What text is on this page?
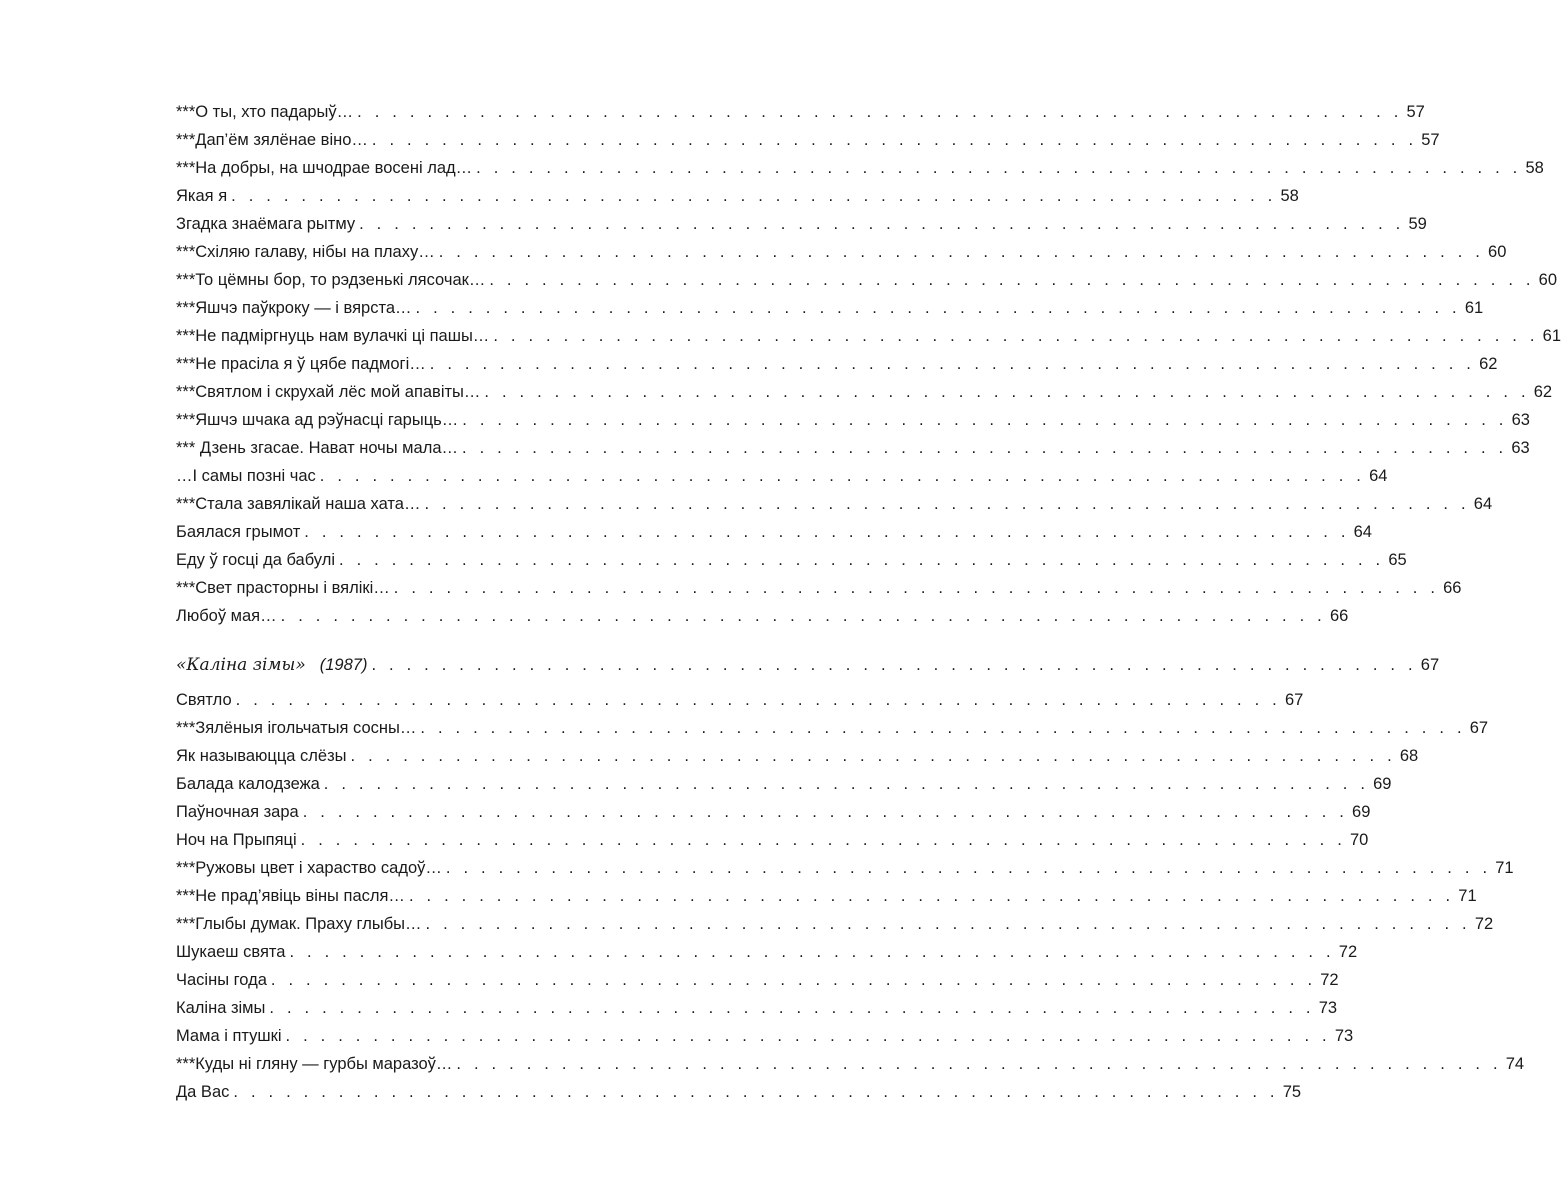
***О ты, хто падарыў… . . . . . . . . . . . . . . . . . . . . . . . . . . . . . . . . . . . . . . . . . . . . . . . . . . . . . . . . . . . . 57
***Дап’ём зялёнае віно… . . . . . . . . . . . . . . . . . . . . . . . . . . . . . . . . . . . . . . . . . . . . . . . . . . . . . . . . . . . . 57
***На добры, на шчодрае восені лад… . . . . . . . . . . . . . . . . . . . . . . . . . . . . . . . . . . . . . . . . . . . . . . . . . . . . . . . . . . . . 58
Якая я . . . . . . . . . . . . . . . . . . . . . . . . . . . . . . . . . . . . . . . . . . . . . . . . . . . . . . . . . . . . 58
Згадка знаёмага рытму . . . . . . . . . . . . . . . . . . . . . . . . . . . . . . . . . . . . . . . . . . . . . . . . . . . . . . . . . . . . 59
***Схіляю галаву, нібы на плаху… . . . . . . . . . . . . . . . . . . . . . . . . . . . . . . . . . . . . . . . . . . . . . . . . . . . . . . . . . . . . 60
***То цёмны бор, то рэдзенькі лясочак… . . . . . . . . . . . . . . . . . . . . . . . . . . . . . . . . . . . . . . . . . . . . . . . . . . . . . . . . . . . . 60
***Яшчэ паўкроку — і вярста… . . . . . . . . . . . . . . . . . . . . . . . . . . . . . . . . . . . . . . . . . . . . . . . . . . . . . . . . . . . . 61
***Не падміргнуць нам вулачкі ці пашы… . . . . . . . . . . . . . . . . . . . . . . . . . . . . . . . . . . . . . . . . . . . . . . . . . . . . . . . . . . . . 61
***Не прасіла я ў цябе падмогі… . . . . . . . . . . . . . . . . . . . . . . . . . . . . . . . . . . . . . . . . . . . . . . . . . . . . . . . . . . . . 62
***Святлом і скрухай лёс мой апавіты… . . . . . . . . . . . . . . . . . . . . . . . . . . . . . . . . . . . . . . . . . . . . . . . . . . . . . . . . . . . . 62
***Яшчэ шчака ад рэўнасці гарыць… . . . . . . . . . . . . . . . . . . . . . . . . . . . . . . . . . . . . . . . . . . . . . . . . . . . . . . . . . . . . 63
*** Дзень згасае. Нават ночы мала… . . . . . . . . . . . . . . . . . . . . . . . . . . . . . . . . . . . . . . . . . . . . . . . . . . . . . . . . . . . . 63
…І самы позні час . . . . . . . . . . . . . . . . . . . . . . . . . . . . . . . . . . . . . . . . . . . . . . . . . . . . . . . . . . . . 64
***Стала завялікай наша хата… . . . . . . . . . . . . . . . . . . . . . . . . . . . . . . . . . . . . . . . . . . . . . . . . . . . . . . . . . . . . 64
Баялася грымот . . . . . . . . . . . . . . . . . . . . . . . . . . . . . . . . . . . . . . . . . . . . . . . . . . . . . . . . . . . . 64
Еду ў госці да бабулі . . . . . . . . . . . . . . . . . . . . . . . . . . . . . . . . . . . . . . . . . . . . . . . . . . . . . . . . . . . . 65
***Свет прасторны і вялікі… . . . . . . . . . . . . . . . . . . . . . . . . . . . . . . . . . . . . . . . . . . . . . . . . . . . . . . . . . . . . 66
Любоў мая… . . . . . . . . . . . . . . . . . . . . . . . . . . . . . . . . . . . . . . . . . . . . . . . . . . . . . . . . . . . . 66
«Каліна зімы» (1987) . . . . . . . . . . . . . . . . . . . . . . . . . . . . . . . . . . . . . . . . . . . . . . . . . . . . . . . . . . . . 67
Святло . . . . . . . . . . . . . . . . . . . . . . . . . . . . . . . . . . . . . . . . . . . . . . . . . . . . . . . . . . . . 67
***Зялёныя ігольчатыя сосны… . . . . . . . . . . . . . . . . . . . . . . . . . . . . . . . . . . . . . . . . . . . . . . . . . . . . . . . . . . . . 67
Як называюцца слёзы . . . . . . . . . . . . . . . . . . . . . . . . . . . . . . . . . . . . . . . . . . . . . . . . . . . . . . . . . . . . 68
Балада калодзежа . . . . . . . . . . . . . . . . . . . . . . . . . . . . . . . . . . . . . . . . . . . . . . . . . . . . . . . . . . . . 69
Паўночная зара . . . . . . . . . . . . . . . . . . . . . . . . . . . . . . . . . . . . . . . . . . . . . . . . . . . . . . . . . . . . 69
Ноч на Прыпяці . . . . . . . . . . . . . . . . . . . . . . . . . . . . . . . . . . . . . . . . . . . . . . . . . . . . . . . . . . . . 70
***Ружовы цвет і хараство садоў… . . . . . . . . . . . . . . . . . . . . . . . . . . . . . . . . . . . . . . . . . . . . . . . . . . . . . . . . . . . . 71
***Не прад’явіць віны пасля… . . . . . . . . . . . . . . . . . . . . . . . . . . . . . . . . . . . . . . . . . . . . . . . . . . . . . . . . . . . . 71
***Глыбы думак. Праху глыбы… . . . . . . . . . . . . . . . . . . . . . . . . . . . . . . . . . . . . . . . . . . . . . . . . . . . . . . . . . . . . 72
Шукаеш свята . . . . . . . . . . . . . . . . . . . . . . . . . . . . . . . . . . . . . . . . . . . . . . . . . . . . . . . . . . . . 72
Часіны года . . . . . . . . . . . . . . . . . . . . . . . . . . . . . . . . . . . . . . . . . . . . . . . . . . . . . . . . . . . . 72
Каліна зімы . . . . . . . . . . . . . . . . . . . . . . . . . . . . . . . . . . . . . . . . . . . . . . . . . . . . . . . . . . . . 73
Мама і птушкі . . . . . . . . . . . . . . . . . . . . . . . . . . . . . . . . . . . . . . . . . . . . . . . . . . . . . . . . . . . . 73
***Куды ні гляну — гурбы маразоў… . . . . . . . . . . . . . . . . . . . . . . . . . . . . . . . . . . . . . . . . . . . . . . . . . . . . . . . . . . . . 74
Да Вас . . . . . . . . . . . . . . . . . . . . . . . . . . . . . . . . . . . . . . . . . . . . . . . . . . . . . . . . . . . . 75
